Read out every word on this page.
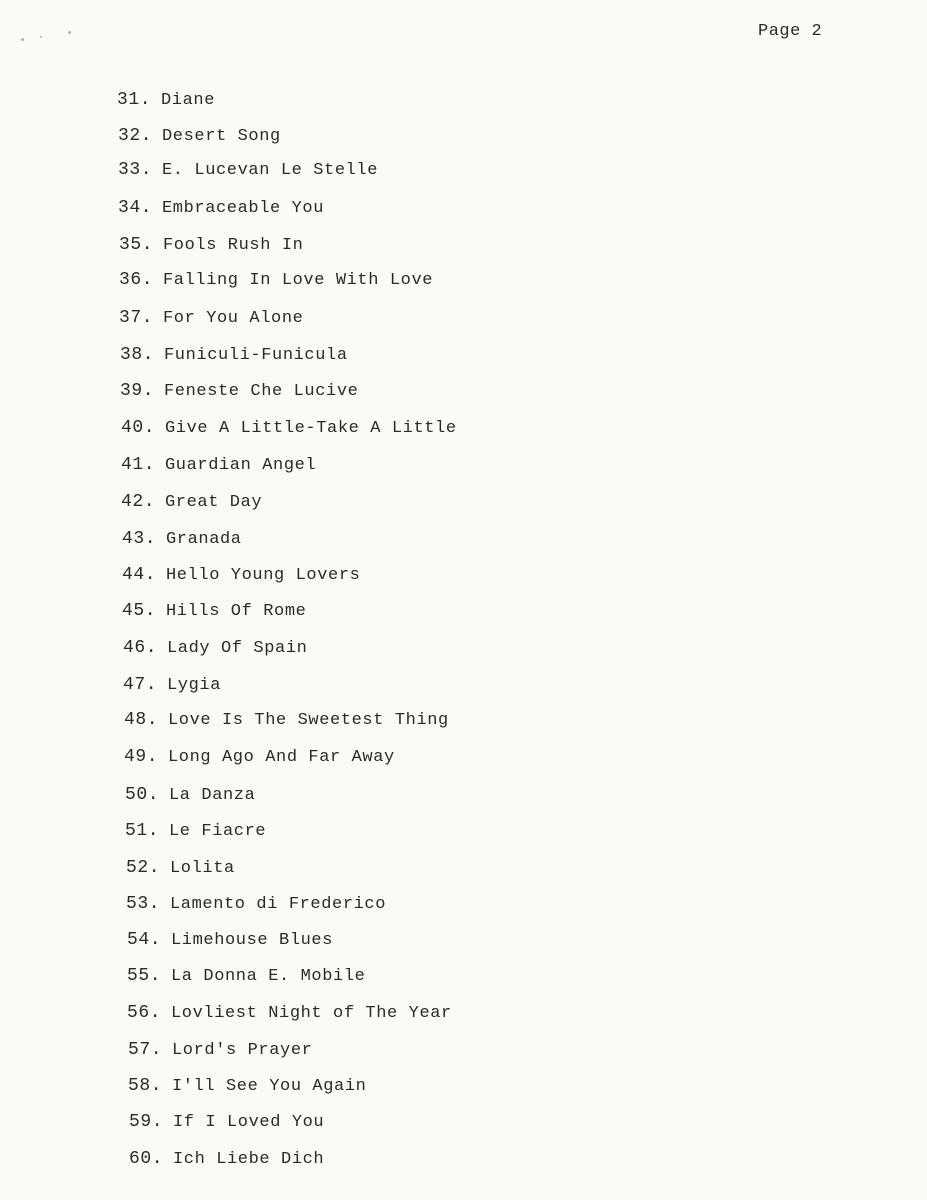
Page 2
31. Diane
32. Desert Song
33. E. Lucevan Le Stelle
34. Embraceable You
35. Fools Rush In
36. Falling In Love With Love
37. For You Alone
38. Funiculi-Funicula
39. Feneste Che Lucive
40. Give A Little-Take A Little
41. Guardian Angel
42. Great Day
43. Granada
44. Hello Young Lovers
45. Hills Of Rome
46. Lady Of Spain
47. Lygia
48. Love Is The Sweetest Thing
49. Long Ago And Far Away
50. La Danza
51. Le Fiacre
52. Lolita
53. Lamento di Frederico
54. Limehouse Blues
55. La Donna E. Mobile
56. Lovliest Night of The Year
57. Lord's Prayer
58. I'll See You Again
59. If I Loved You
60. Ich Liebe Dich
